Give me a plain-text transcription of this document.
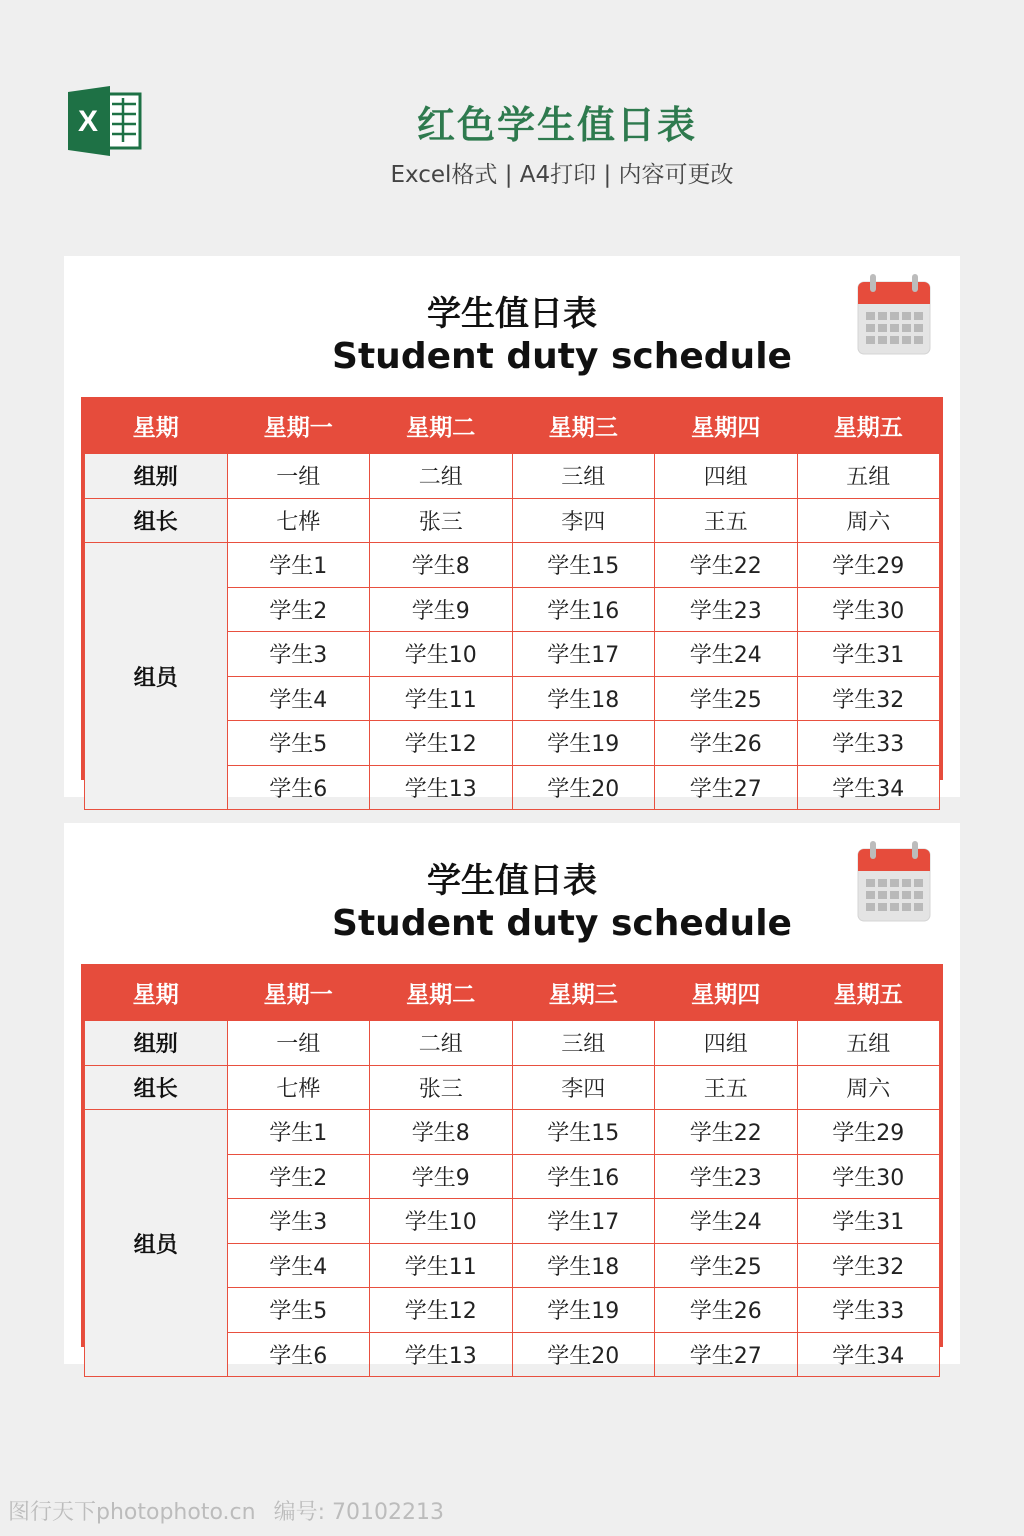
X	红色学生值日表
Excel格式 | A4打印 | 内容可更改
学生值日表
Student duty schedule
星期	星期一	星期二	星期三	星期四	星期五
组别	一组	二组	三组	四组	五组
组长	七桦	张三	李四	王五	周六
组员	学生1	学生8	学生15	学生22	学生29
	学生2	学生9	学生16	学生23	学生30
	学生3	学生10	学生17	学生24	学生31
	学生4	学生11	学生18	学生25	学生32
	学生5	学生12	学生19	学生26	学生33
	学生6	学生13	学生20	学生27	学生34
学生值日表
Student duty schedule
星期	星期一	星期二	星期三	星期四	星期五
组别	一组	二组	三组	四组	五组
组长	七桦	张三	李四	王五	周六
组员	学生1	学生8	学生15	学生22	学生29
	学生2	学生9	学生16	学生23	学生30
	学生3	学生10	学生17	学生24	学生31
	学生4	学生11	学生18	学生25	学生32
	学生5	学生12	学生19	学生26	学生33
	学生6	学生13	学生20	学生27	学生34
图行天下photophoto.cn 编号: 70102213
